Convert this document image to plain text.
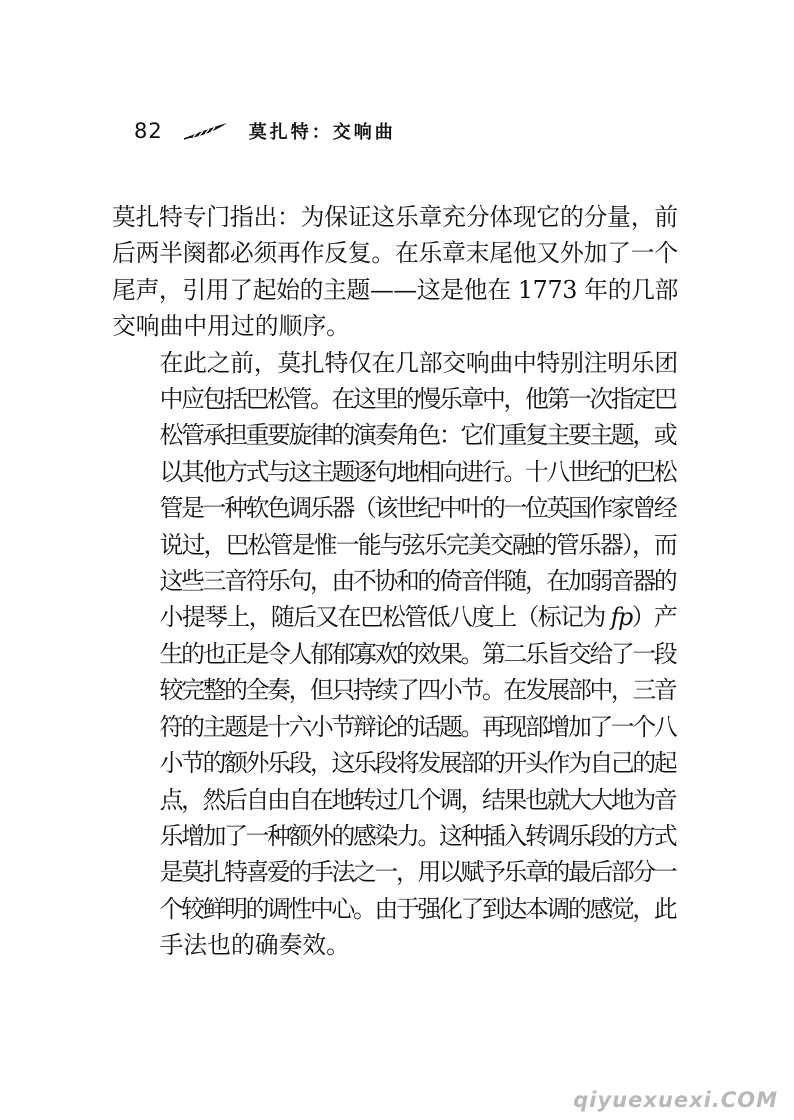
82	莫扎特：交响曲

莫扎特专门指出：为保证这乐章充分体现它的分量，前
后两半阕都必须再作反复。在乐章末尾他又外加了一个
尾声，引用了起始的主题——这是他在 1773 年的几部
交响曲中用过的顺序。

在此之前，莫扎特仅在几部交响曲中特别注明乐团
中应包括巴松管。在这里的慢乐章中，他第一次指定巴
松管承担重要旋律的演奏角色：它们重复主要主题，或
以其他方式与这主题逐句地相向进行。十八世纪的巴松
管是一种软色调乐器（该世纪中叶的一位英国作家曾经
说过，巴松管是惟一能与弦乐完美交融的管乐器），而
这些三音符乐句，由不协和的倚音伴随，在加弱音器的
小提琴上，随后又在巴松管低八度上（标记为 fp）产
生的也正是令人郁郁寡欢的效果。第二乐旨交给了一段
较完整的全奏，但只持续了四小节。在发展部中，三音
符的主题是十六小节辩论的话题。再现部增加了一个八
小节的额外乐段，这乐段将发展部的开头作为自己的起
点，然后自由自在地转过几个调，结果也就大大地为音
乐增加了一种额外的感染力。这种插入转调乐段的方式
是莫扎特喜爱的手法之一，用以赋予乐章的最后部分一
个较鲜明的调性中心。由于强化了到达本调的感觉，此
手法也的确奏效。

qiyuexuexi.COM
